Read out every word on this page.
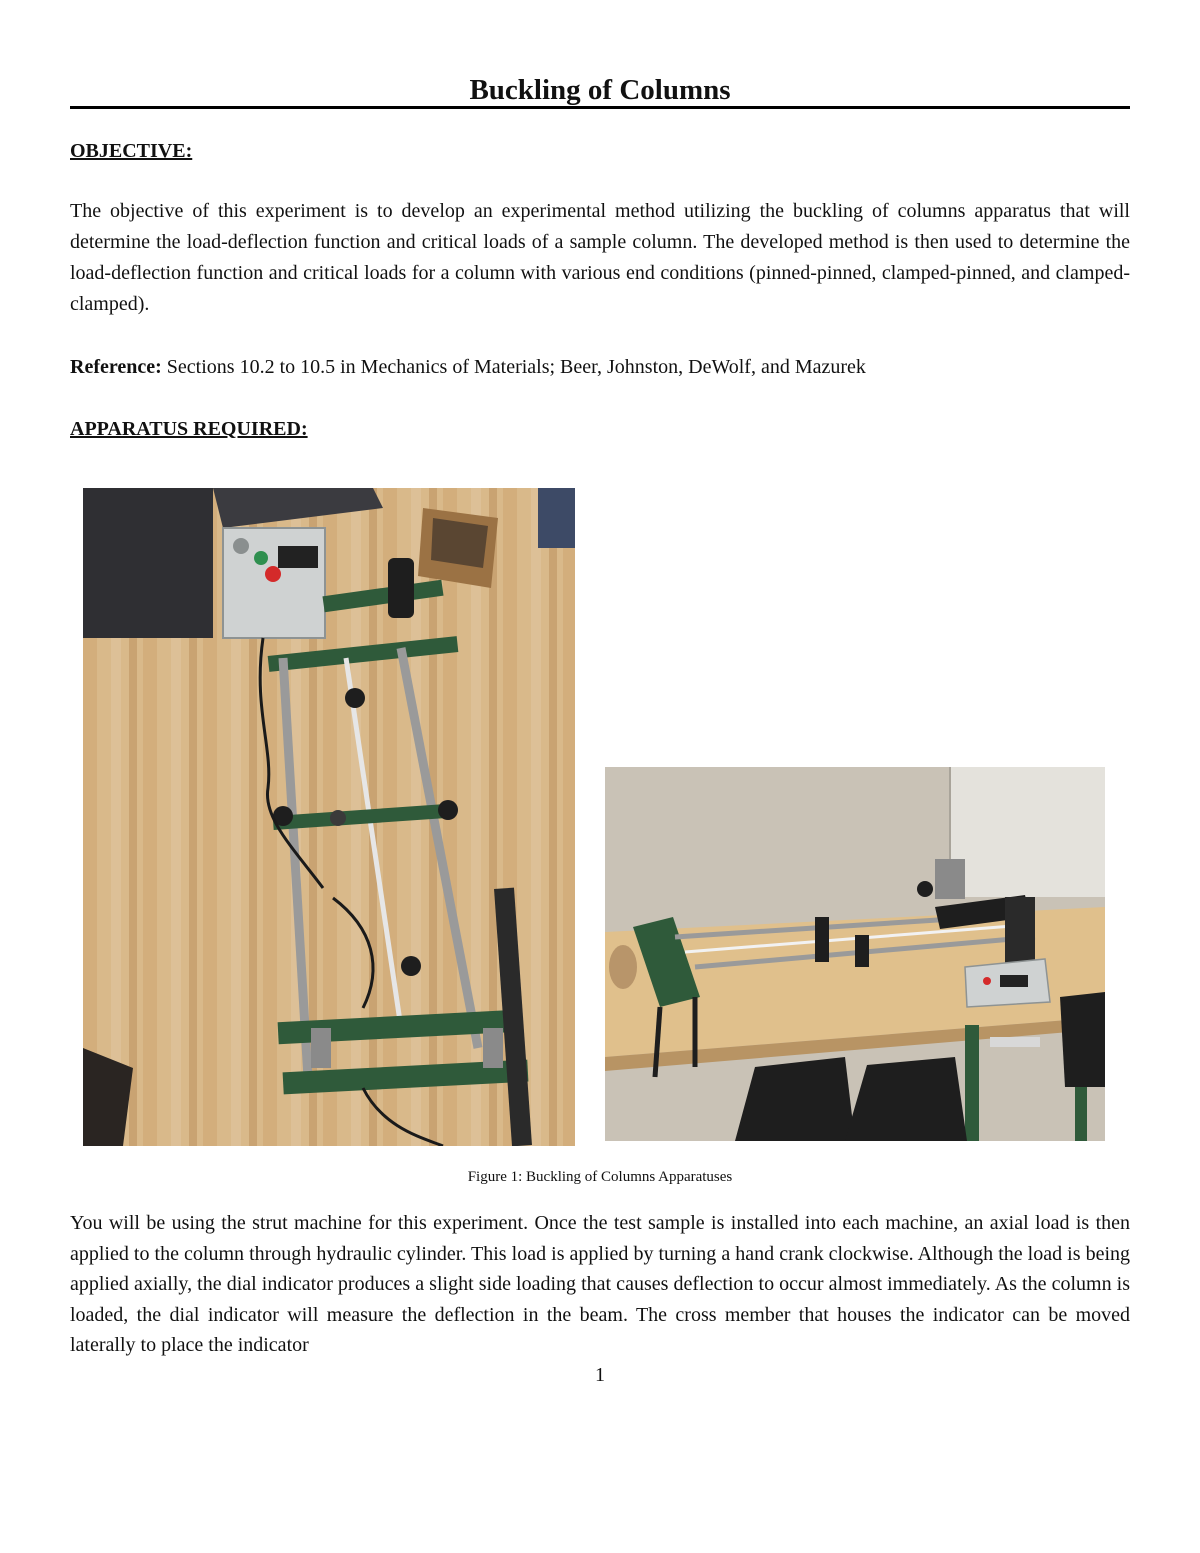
Buckling of Columns
OBJECTIVE:
The objective of this experiment is to develop an experimental method utilizing the buckling of columns apparatus that will determine the load-deflection function and critical loads of a sample column. The developed method is then used to determine the load-deflection function and critical loads for a column with various end conditions (pinned-pinned, clamped-pinned, and clamped-clamped).
Reference: Sections 10.2 to 10.5 in Mechanics of Materials; Beer, Johnston, DeWolf, and Mazurek
APPARATUS REQUIRED:
Figure 1: Buckling of Columns Apparatuses
You will be using the strut machine for this experiment. Once the test sample is installed into each machine, an axial load is then applied to the column through hydraulic cylinder. This load is applied by turning a hand crank clockwise. Although the load is being applied axially, the dial indicator produces a slight side loading that causes deflection to occur almost immediately. As the column is loaded, the dial indicator will measure the deflection in the beam. The cross member that houses the indicator can be moved laterally to place the indicator
1
